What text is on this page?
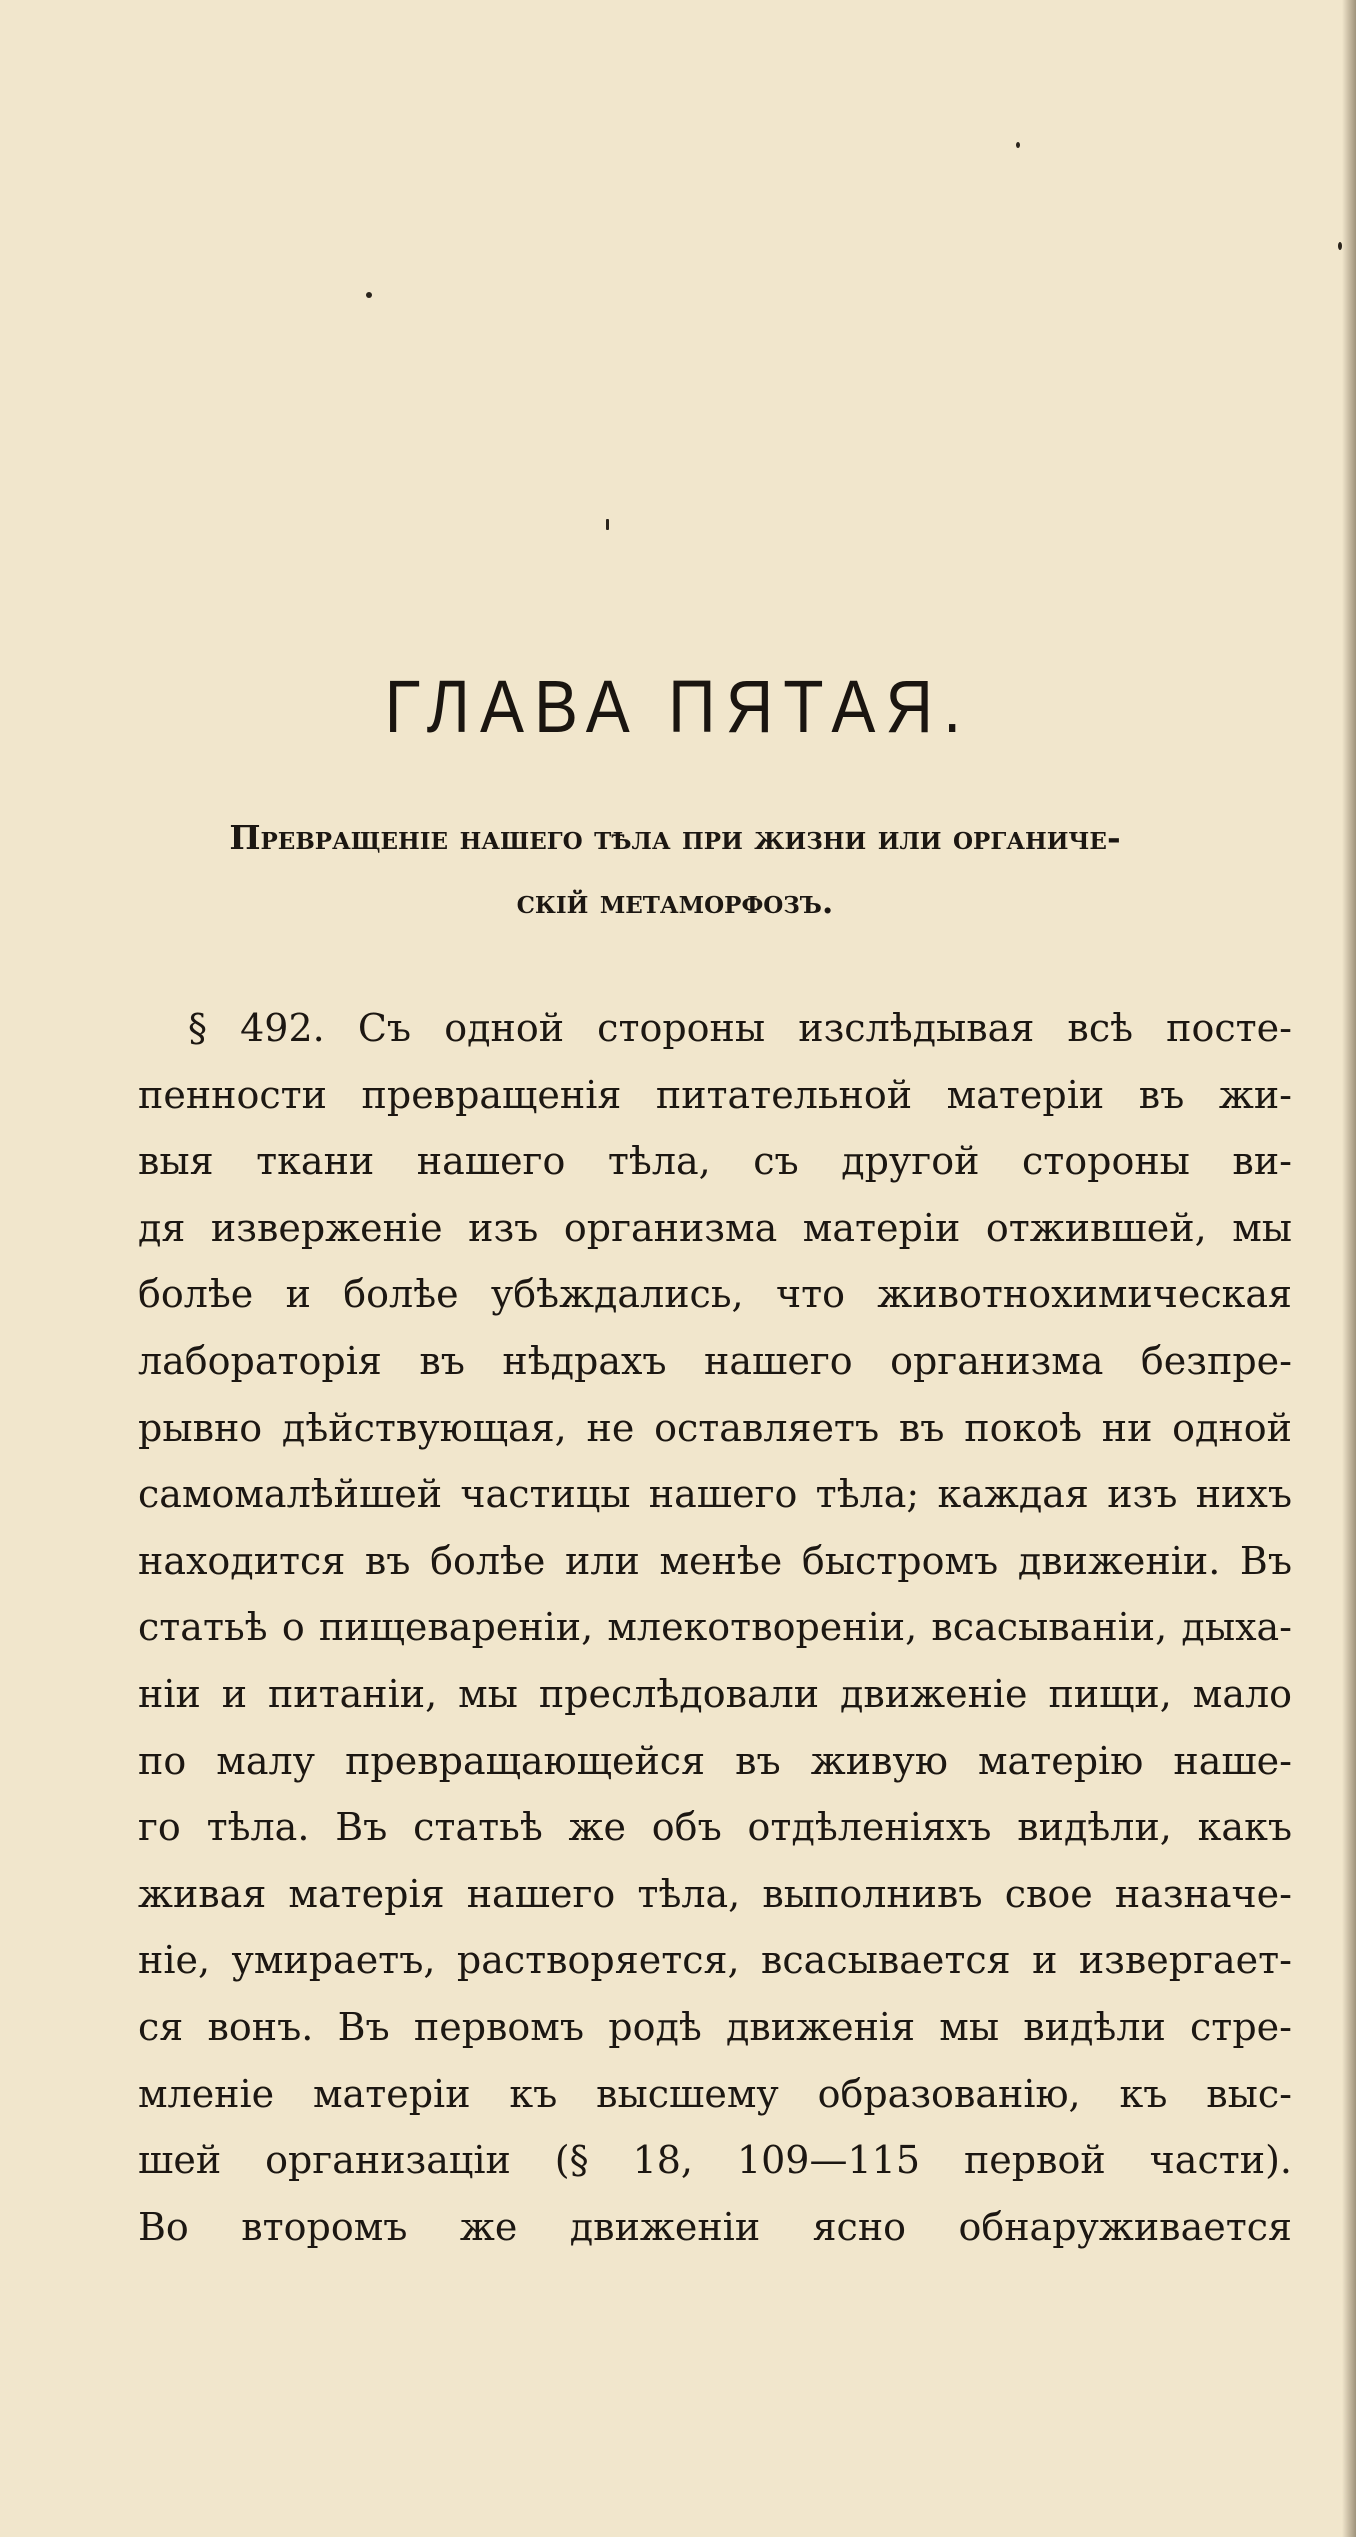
ГЛАВА ПЯТАЯ.
Превращеніе нашего тѣла при жизни или органиче-
скій метаморфозъ.
§ 492. Съ одной стороны изслѣдывая всѣ посте-
пенности превращенія питательной матеріи въ жи-
выя ткани нашего тѣла, съ другой стороны ви-
дя изверженіе изъ организма матеріи отжившей, мы
болѣе и болѣе убѣждались, что животнохимическая
лабораторія въ нѣдрахъ нашего организма безпре-
рывно дѣйствующая, не оставляетъ въ покоѣ ни одной
самомалѣйшей частицы нашего тѣла; каждая изъ нихъ
находится въ болѣе или менѣе быстромъ движеніи. Въ
статьѣ о пищевареніи, млекотвореніи, всасываніи, дыха-
ніи и питаніи, мы преслѣдовали движеніе пищи, мало
по малу превращающейся въ живую матерію наше-
го тѣла. Въ статьѣ же объ отдѣленіяхъ видѣли, какъ
живая матерія нашего тѣла, выполнивъ свое назначе-
ніе, умираетъ, растворяется, всасывается и извергает-
ся вонъ. Въ первомъ родѣ движенія мы видѣли стре-
мленіе матеріи къ высшему образованію, къ выс-
шей организаціи (§ 18, 109—115 первой части).
Во второмъ же движеніи ясно обнаруживается
